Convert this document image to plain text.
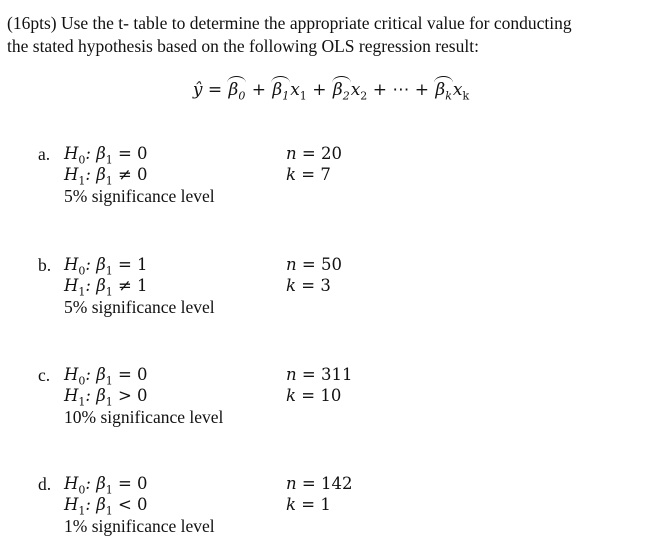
(16pts) Use the t- table to determine the appropriate critical value for conducting
the stated hypothesis based on the following OLS regression result:
ŷ = $\beta_0 + \beta_1x_1 + \beta_2x_2$ + ⋯ + $\beta_kx_k$
a. $H_0$: $\beta_1 = 0$
$H_1$: $\beta_1 \ne 0$
5% significance level
n = 20
k = 7
b. $H_0$: $\beta_1 = 1$
$H_1$: $\beta_1 \ne 1$
5% significance level
n = 50
k = 3
c. $H_0$: $\beta_1 = 0$
$H_1$: $\beta_1 > 0$
10% significance level
n = 311
k = 10
d. $H_0$: $\beta_1 = 0$
$H_1$: $\beta_1 < 0$
1% significance level
n = 142
k = 1
